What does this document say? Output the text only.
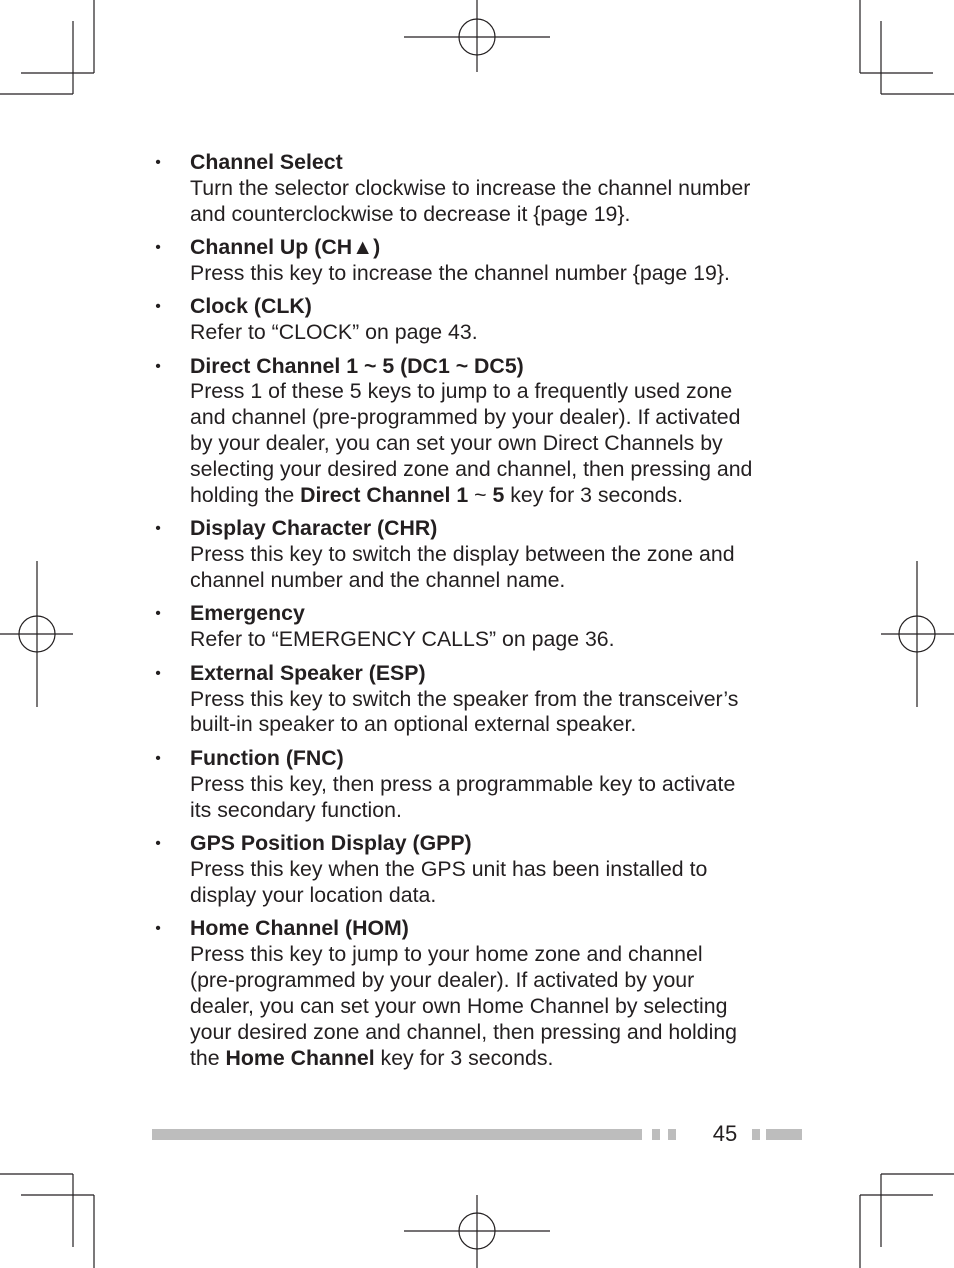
• Channel Select
Turn the selector clockwise to increase the channel number
and counterclockwise to decrease it {page 19}.
• Channel Up (CH▲)
Press this key to increase the channel number {page 19}.
• Clock (CLK)
Refer to “CLOCK” on page 43.
• Direct Channel 1 ~ 5 (DC1 ~ DC5)
Press 1 of these 5 keys to jump to a frequently used zone
and channel (pre-programmed by your dealer). If activated
by your dealer, you can set your own Direct Channels by
selecting your desired zone and channel, then pressing and
holding the Direct Channel 1 ~ 5 key for 3 seconds.
• Display Character (CHR)
Press this key to switch the display between the zone and
channel number and the channel name.
• Emergency
Refer to “EMERGENCY CALLS” on page 36.
• External Speaker (ESP)
Press this key to switch the speaker from the transceiver’s
built-in speaker to an optional external speaker.
• Function (FNC)
Press this key, then press a programmable key to activate
its secondary function.
• GPS Position Display (GPP)
Press this key when the GPS unit has been installed to
display your location data.
• Home Channel (HOM)
Press this key to jump to your home zone and channel
(pre-programmed by your dealer). If activated by your
dealer, you can set your own Home Channel by selecting
your desired zone and channel, then pressing and holding
the Home Channel key for 3 seconds.
45
